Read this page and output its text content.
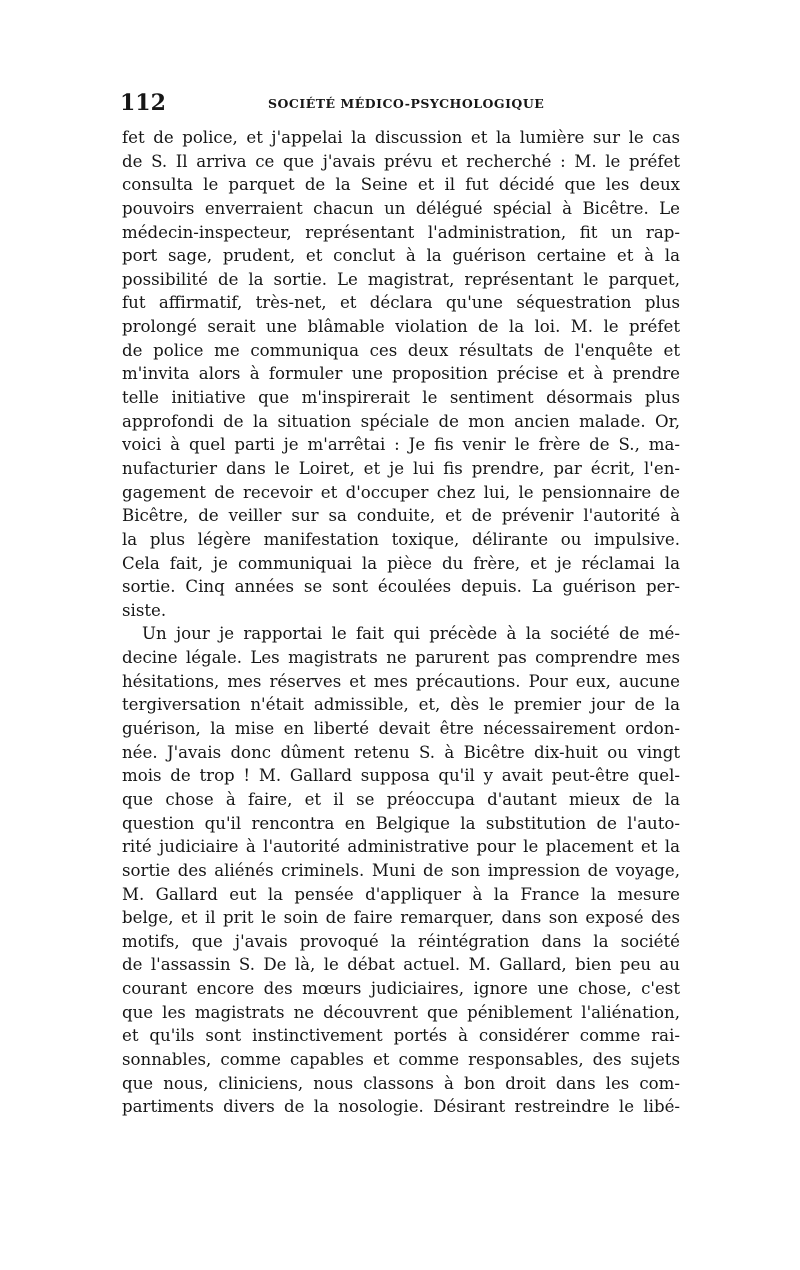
112	SOCIÉTÉ MÉDICO-PSYCHOLOGIQUE
fet de police, et j'appelai la discussion et la lumière sur le cas
de S. Il arriva ce que j'avais prévu et recherché : M. le préfet
consulta le parquet de la Seine et il fut décidé que les deux
pouvoirs enverraient chacun un délégué spécial à Bicêtre. Le
médecin-inspecteur, représentant l'administration, fit un rap-
port sage, prudent, et conclut à la guérison certaine et à la
possibilité de la sortie. Le magistrat, représentant le parquet,
fut affirmatif, très-net, et déclara qu'une séquestration plus
prolongé serait une blâmable violation de la loi. M. le préfet
de police me communiqua ces deux résultats de l'enquête et
m'invita alors à formuler une proposition précise et à prendre
telle initiative que m'inspirerait le sentiment désormais plus
approfondi de la situation spéciale de mon ancien malade. Or,
voici à quel parti je m'arrêtai : Je fis venir le frère de S., ma-
nufacturier dans le Loiret, et je lui fis prendre, par écrit, l'en-
gagement de recevoir et d'occuper chez lui, le pensionnaire de
Bicêtre, de veiller sur sa conduite, et de prévenir l'autorité à
la plus légère manifestation toxique, délirante ou impulsive.
Cela fait, je communiquai la pièce du frère, et je réclamai la
sortie. Cinq années se sont écoulées depuis. La guérison per-
siste.
Un jour je rapportai le fait qui précède à la société de mé-
decine légale. Les magistrats ne parurent pas comprendre mes
hésitations, mes réserves et mes précautions. Pour eux, aucune
tergiversation n'était admissible, et, dès le premier jour de la
guérison, la mise en liberté devait être nécessairement ordon-
née. J'avais donc dûment retenu S. à Bicêtre dix-huit ou vingt
mois de trop ! M. Gallard supposa qu'il y avait peut-être quel-
que chose à faire, et il se préoccupa d'autant mieux de la
question qu'il rencontra en Belgique la substitution de l'auto-
rité judiciaire à l'autorité administrative pour le placement et la
sortie des aliénés criminels. Muni de son impression de voyage,
M. Gallard eut la pensée d'appliquer à la France la mesure
belge, et il prit le soin de faire remarquer, dans son exposé des
motifs, que j'avais provoqué la réintégration dans la société
de l'assassin S. De là, le débat actuel. M. Gallard, bien peu au
courant encore des mœurs judiciaires, ignore une chose, c'est
que les magistrats ne découvrent que péniblement l'aliénation,
et qu'ils sont instinctivement portés à considérer comme rai-
sonnables, comme capables et comme responsables, des sujets
que nous, cliniciens, nous classons à bon droit dans les com-
partiments divers de la nosologie. Désirant restreindre le libé-
